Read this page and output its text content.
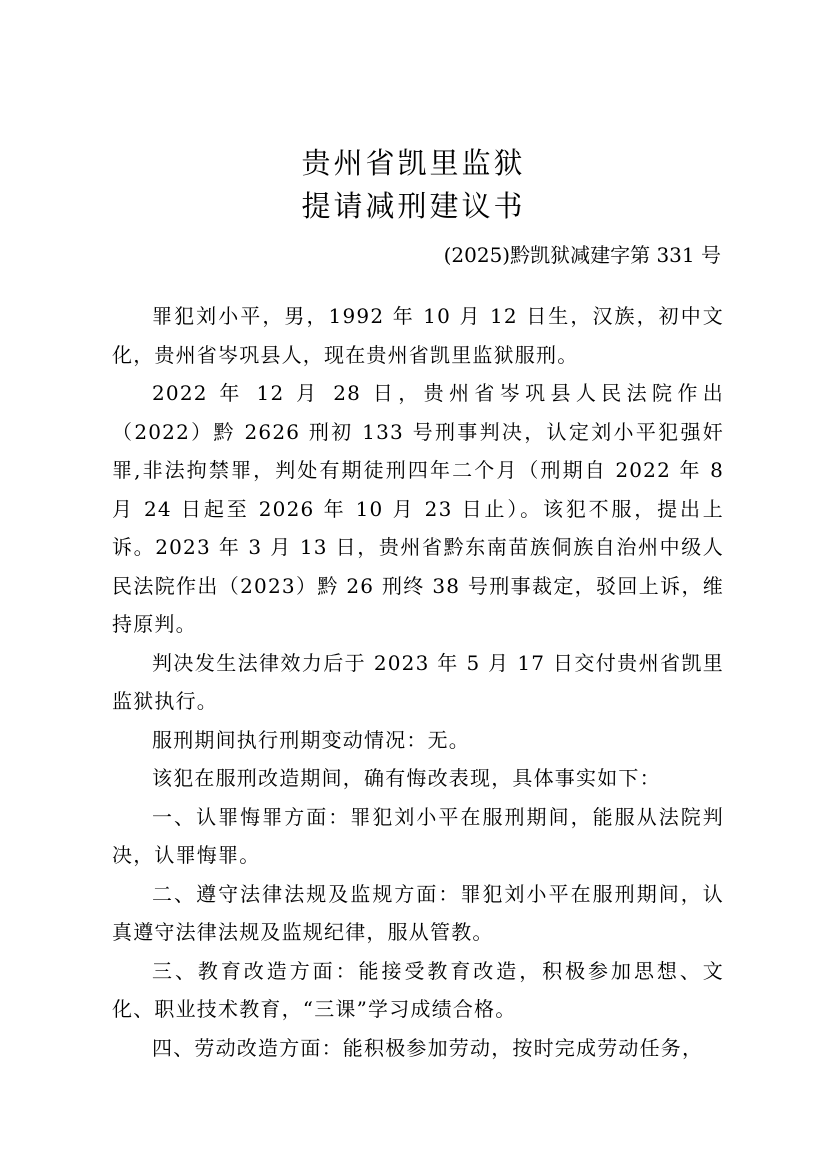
贵州省凯里监狱
提请减刑建议书
(2025)黔凯狱减建字第 331 号

罪犯刘小平，男，1992 年 10 月 12 日生，汉族，初中文化，贵州省岑巩县人，现在贵州省凯里监狱服刑。

2022 年 12 月 28 日，贵州省岑巩县人民法院作出（2022）黔 2626 刑初 133 号刑事判决，认定刘小平犯强奸罪,非法拘禁罪，判处有期徒刑四年二个月（刑期自 2022 年 8 月 24 日起至 2026 年 10 月 23 日止）。该犯不服，提出上诉。2023 年 3 月 13 日，贵州省黔东南苗族侗族自治州中级人民法院作出（2023）黔 26 刑终 38 号刑事裁定，驳回上诉，维持原判。

判决发生法律效力后于 2023 年 5 月 17 日交付贵州省凯里监狱执行。

服刑期间执行刑期变动情况：无。

该犯在服刑改造期间，确有悔改表现，具体事实如下：

一、认罪悔罪方面：罪犯刘小平在服刑期间，能服从法院判决，认罪悔罪。

二、遵守法律法规及监规方面：罪犯刘小平在服刑期间，认真遵守法律法规及监规纪律，服从管教。

三、教育改造方面：能接受教育改造，积极参加思想、文化、职业技术教育，“三课”学习成绩合格。

四、劳动改造方面：能积极参加劳动，按时完成劳动任务，
